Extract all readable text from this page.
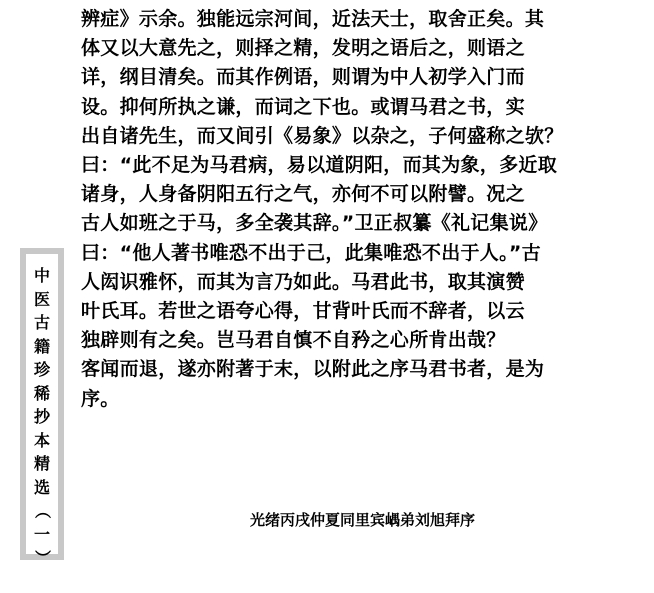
中
医
古
籍
珍
稀
抄
本
精
选
（
一
）
辨症》示余。独能远宗河间，近法天士，取舍正矣。其
体又以大意先之，则择之精，发明之语后之，则语之
详，纲目清矣。而其作例语，则谓为中人初学入门而
设。抑何所执之谦，而词之下也。或谓马君之书，实
出自诸先生，而又间引《易象》以杂之，子何盛称之欤？
曰：“此不足为马君病，易以道阴阳，而其为象，多近取
诸身，人身备阴阳五行之气，亦何不可以附譬。况之
古人如班之于马，多全袭其辞。”卫正叔纂《礼记集说》
曰：“他人著书唯恐不出于己，此集唯恐不出于人。”古
人闳识雅怀，而其为言乃如此。马君此书，取其演赞
叶氏耳。若世之语夸心得，甘背叶氏而不辞者，以云
独辟则有之矣。岂马君自慎不自矜之心所肯出哉？
客闻而退，遂亦附著于末，以附此之序马君书者，是为
序。

光绪丙戌仲夏同里宾嵎弟刘旭拜序
